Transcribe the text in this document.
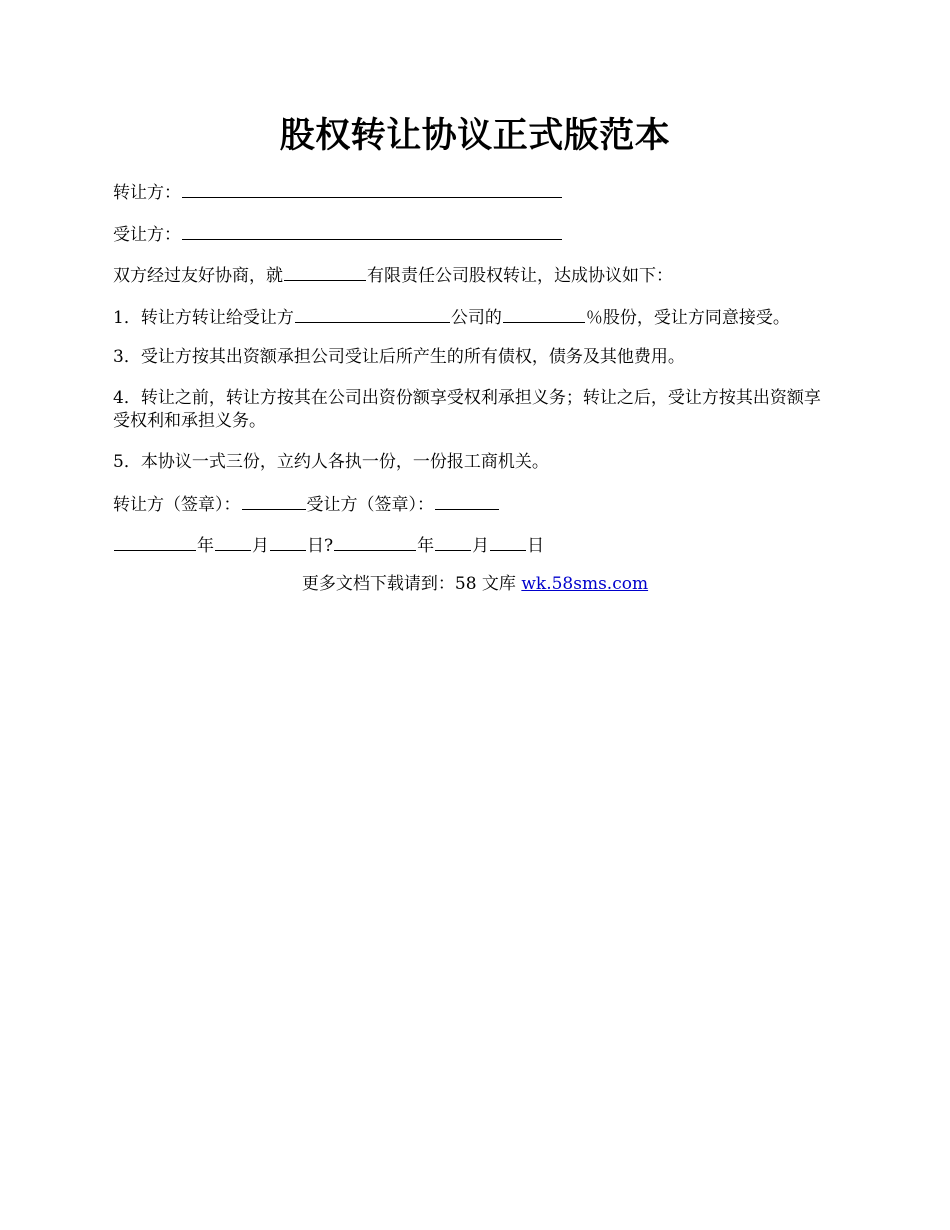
股权转让协议正式版范本
转让方：
受让方：
双方经过友好协商，就	有限责任公司股权转让，达成协议如下：
1．转让方转让给受让方	公司的	％股份，受让方同意接受。
3．受让方按其出资额承担公司受让后所产生的所有债权，债务及其他费用。
4．转让之前，转让方按其在公司出资份额享受权利承担义务；转让之后，受让方按其出资额享受权利和承担义务。
5．本协议一式三份，立约人各执一份，一份报工商机关。
转让方（签章）：	受让方（签章）：
年 月 日?	年 月 日
更多文档下载请到：58 文库 wk.58sms.com
